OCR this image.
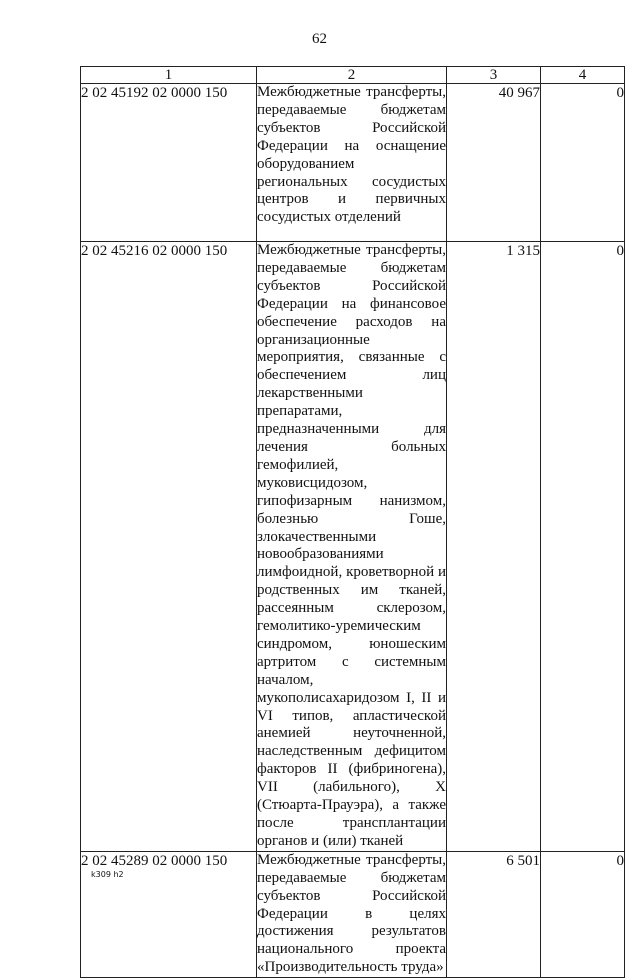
62
1	2	3	4
2 02 45192 02 0000 150	Межбюджетные трансферты, передаваемые бюджетам субъектов Российской Федерации на оснащение оборудованием региональных сосудистых центров и первичных сосудистых отделений	40 967	0
2 02 45216 02 0000 150	Межбюджетные трансферты, передаваемые бюджетам субъектов Российской Федерации на финансовое обеспечение расходов на организационные мероприятия, связанные с обеспечением лиц лекарственными препаратами, предназначенными для лечения больных гемофилией, муковисцидозом, гипофизарным нанизмом, болезнью Гоше, злокачественными новообразованиями лимфоидной, кроветворной и родственных им тканей, рассеянным склерозом, гемолитико-уремическим синдромом, юношеским артритом с системным началом, мукополисахаридозом I, II и VI типов, апластической анемией неуточненной, наследственным дефицитом факторов II (фибриногена), VII (лабильного), X (Стюарта-Прауэра), а также после трансплантации органов и (или) тканей	1 315	0
2 02 45289 02 0000 150	Межбюджетные трансферты, передаваемые бюджетам субъектов Российской Федерации в целях достижения результатов национального проекта «Производительность труда»	6 501	0
k309 h2
